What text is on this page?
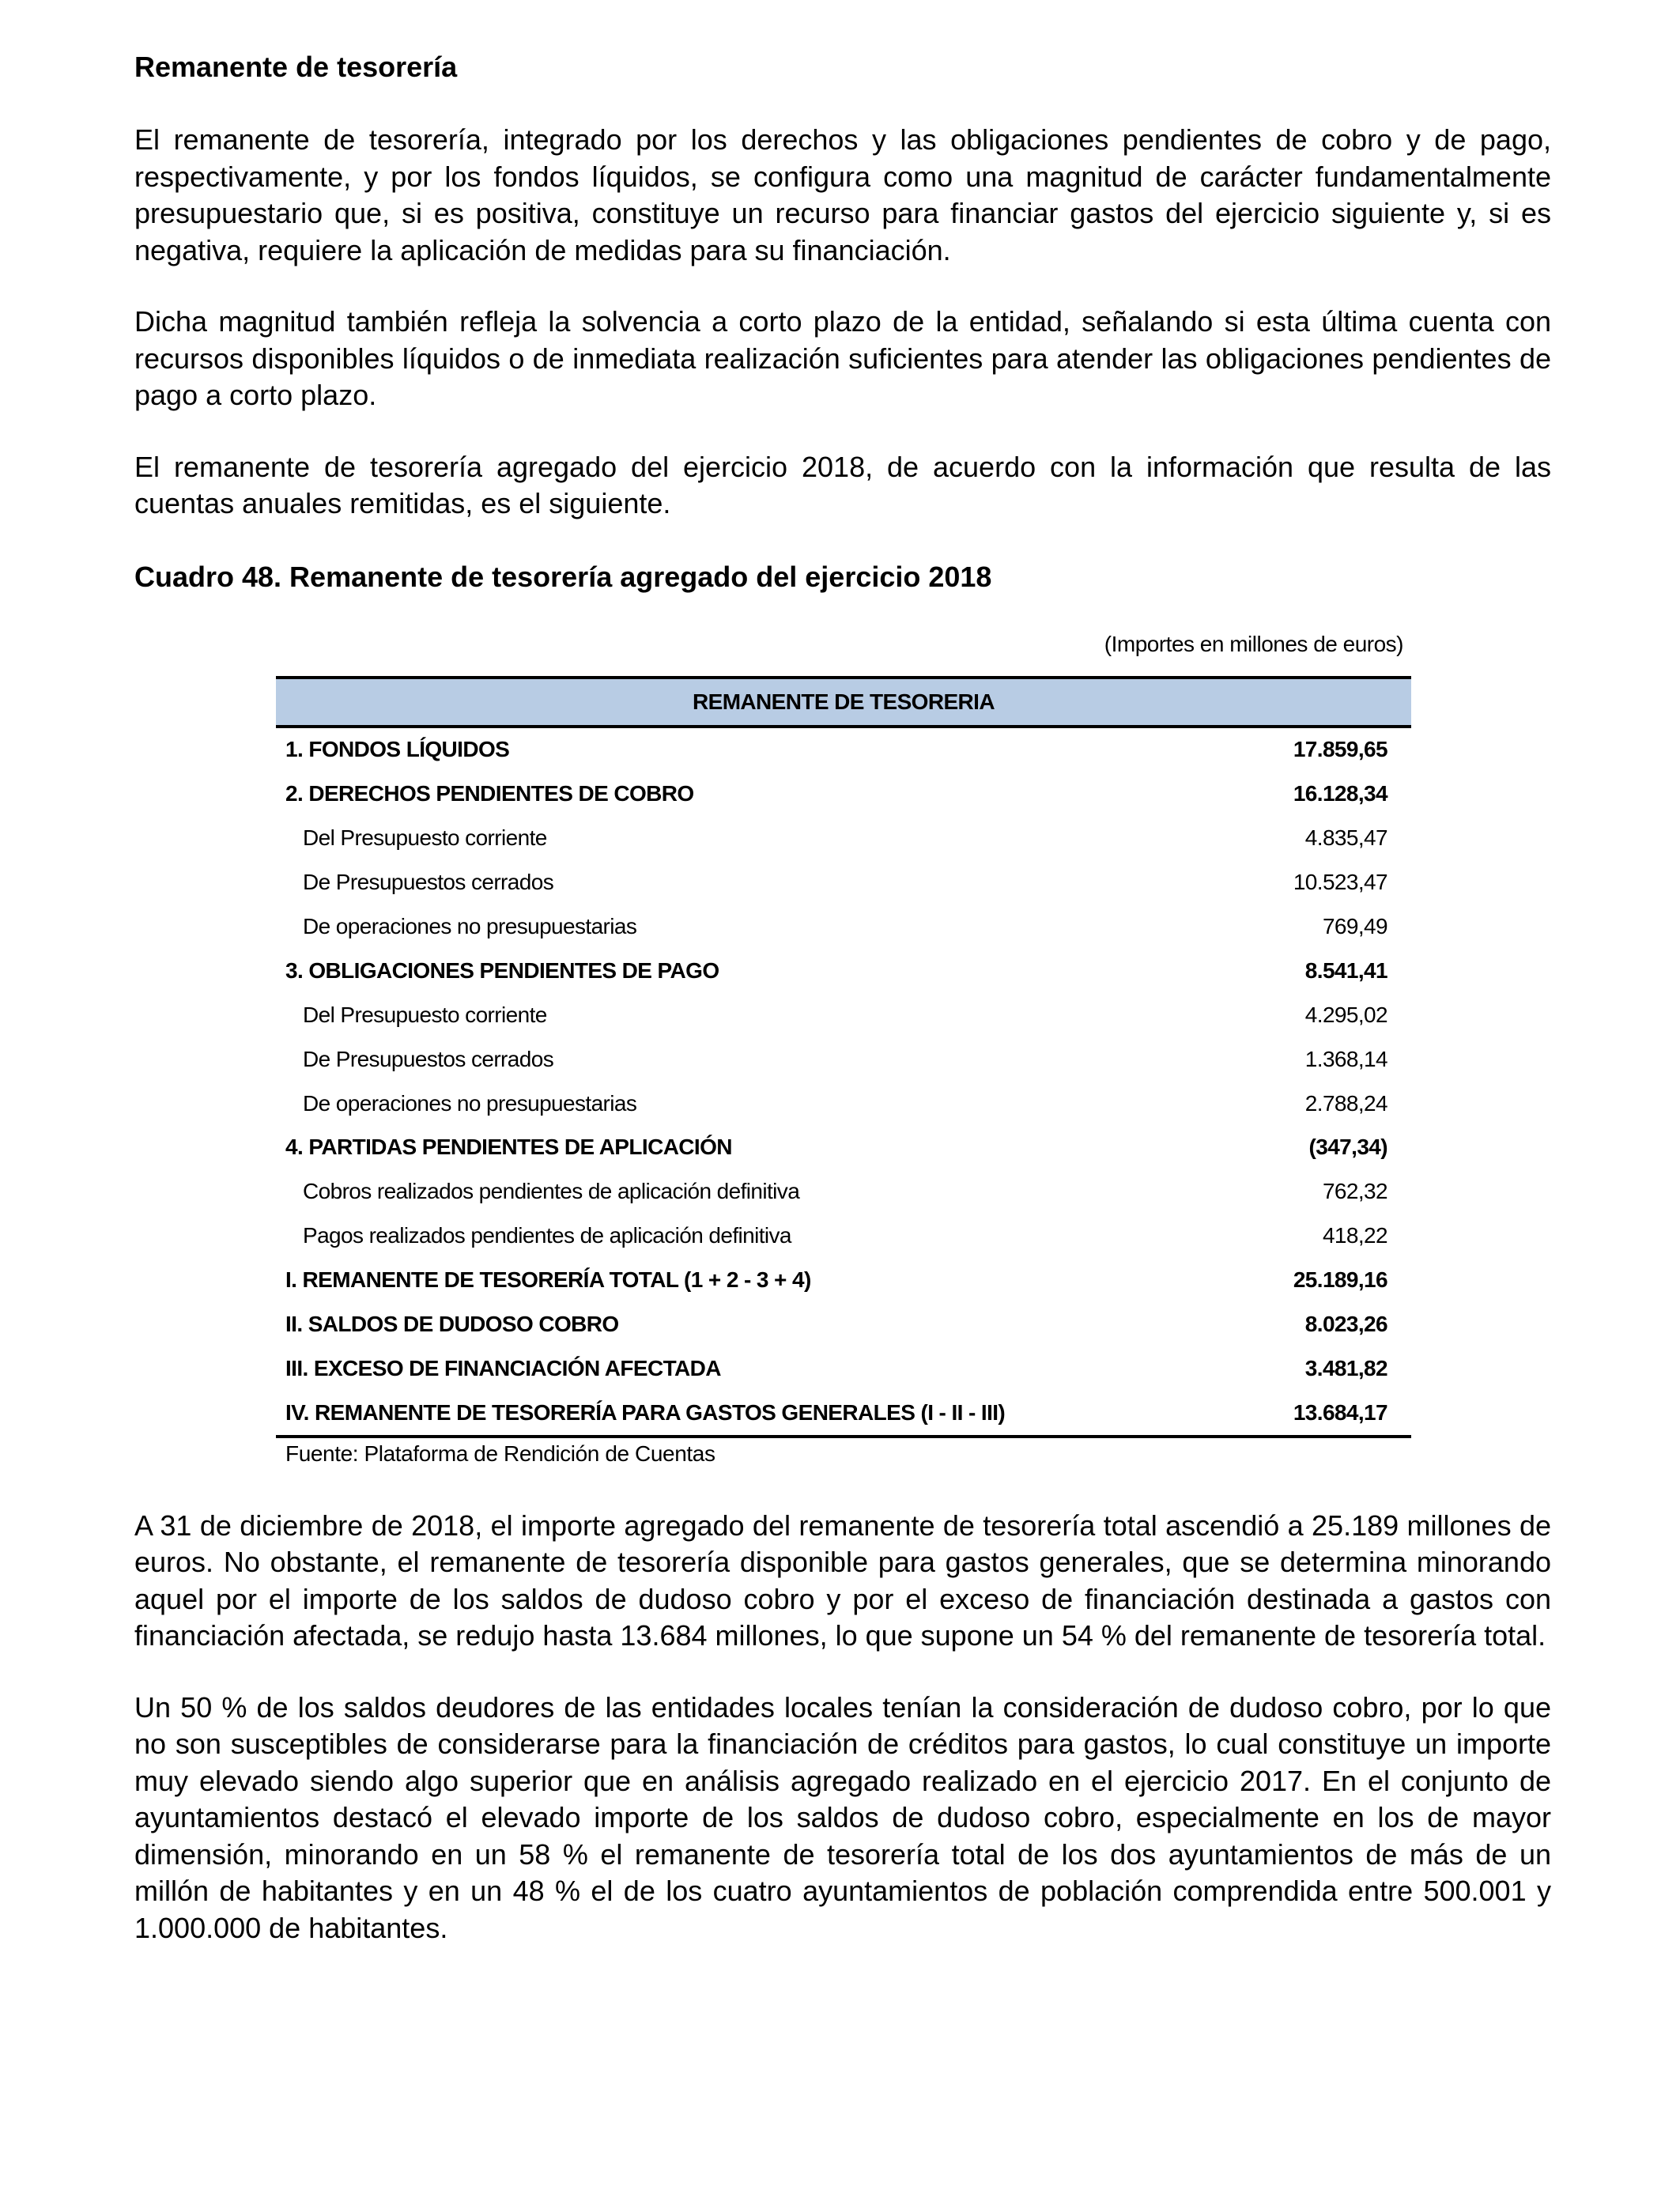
Remanente de tesorería

El remanente de tesorería, integrado por los derechos y las obligaciones pendientes de cobro y de pago, respectivamente, y por los fondos líquidos, se configura como una magnitud de carácter fundamentalmente presupuestario que, si es positiva, constituye un recurso para financiar gastos del ejercicio siguiente y, si es negativa, requiere la aplicación de medidas para su financiación.

Dicha magnitud también refleja la solvencia a corto plazo de la entidad, señalando si esta última cuenta con recursos disponibles líquidos o de inmediata realización suficientes para atender las obligaciones pendientes de pago a corto plazo.

El remanente de tesorería agregado del ejercicio 2018, de acuerdo con la información que resulta de las cuentas anuales remitidas, es el siguiente.

Cuadro 48. Remanente de tesorería agregado del ejercicio 2018
(Importes en millones de euros)
REMANENTE DE TESORERIA	
1. FONDOS LÍQUIDOS	17.859,65
2. DERECHOS PENDIENTES DE COBRO	16.128,34
Del Presupuesto corriente	4.835,47
De Presupuestos cerrados	10.523,47
De operaciones no presupuestarias	769,49
3. OBLIGACIONES PENDIENTES DE PAGO	8.541,41
Del Presupuesto corriente	4.295,02
De Presupuestos cerrados	1.368,14
De operaciones no presupuestarias	2.788,24
4. PARTIDAS PENDIENTES DE APLICACIÓN	(347,34)
Cobros realizados pendientes de aplicación definitiva	762,32
Pagos realizados pendientes de aplicación definitiva	418,22
I. REMANENTE DE TESORERÍA TOTAL (1 + 2 - 3 + 4)	25.189,16
II. SALDOS DE DUDOSO COBRO	8.023,26
III. EXCESO DE FINANCIACIÓN AFECTADA	3.481,82
IV. REMANENTE DE TESORERÍA PARA GASTOS GENERALES (I - II - III)	13.684,17
Fuente: Plataforma de Rendición de Cuentas

A 31 de diciembre de 2018, el importe agregado del remanente de tesorería total ascendió a 25.189 millones de euros. No obstante, el remanente de tesorería disponible para gastos generales, que se determina minorando aquel por el importe de los saldos de dudoso cobro y por el exceso de financiación destinada a gastos con financiación afectada, se redujo hasta 13.684 millones, lo que supone un 54 % del remanente de tesorería total.

Un 50 % de los saldos deudores de las entidades locales tenían la consideración de dudoso cobro, por lo que no son susceptibles de considerarse para la financiación de créditos para gastos, lo cual constituye un importe muy elevado siendo algo superior que en análisis agregado realizado en el ejercicio 2017. En el conjunto de ayuntamientos destacó el elevado importe de los saldos de dudoso cobro, especialmente en los de mayor dimensión, minorando en un 58 % el remanente de tesorería total de los dos ayuntamientos de más de un millón de habitantes y en un 48 % el de los cuatro ayuntamientos de población comprendida entre 500.001 y 1.000.000 de habitantes.
